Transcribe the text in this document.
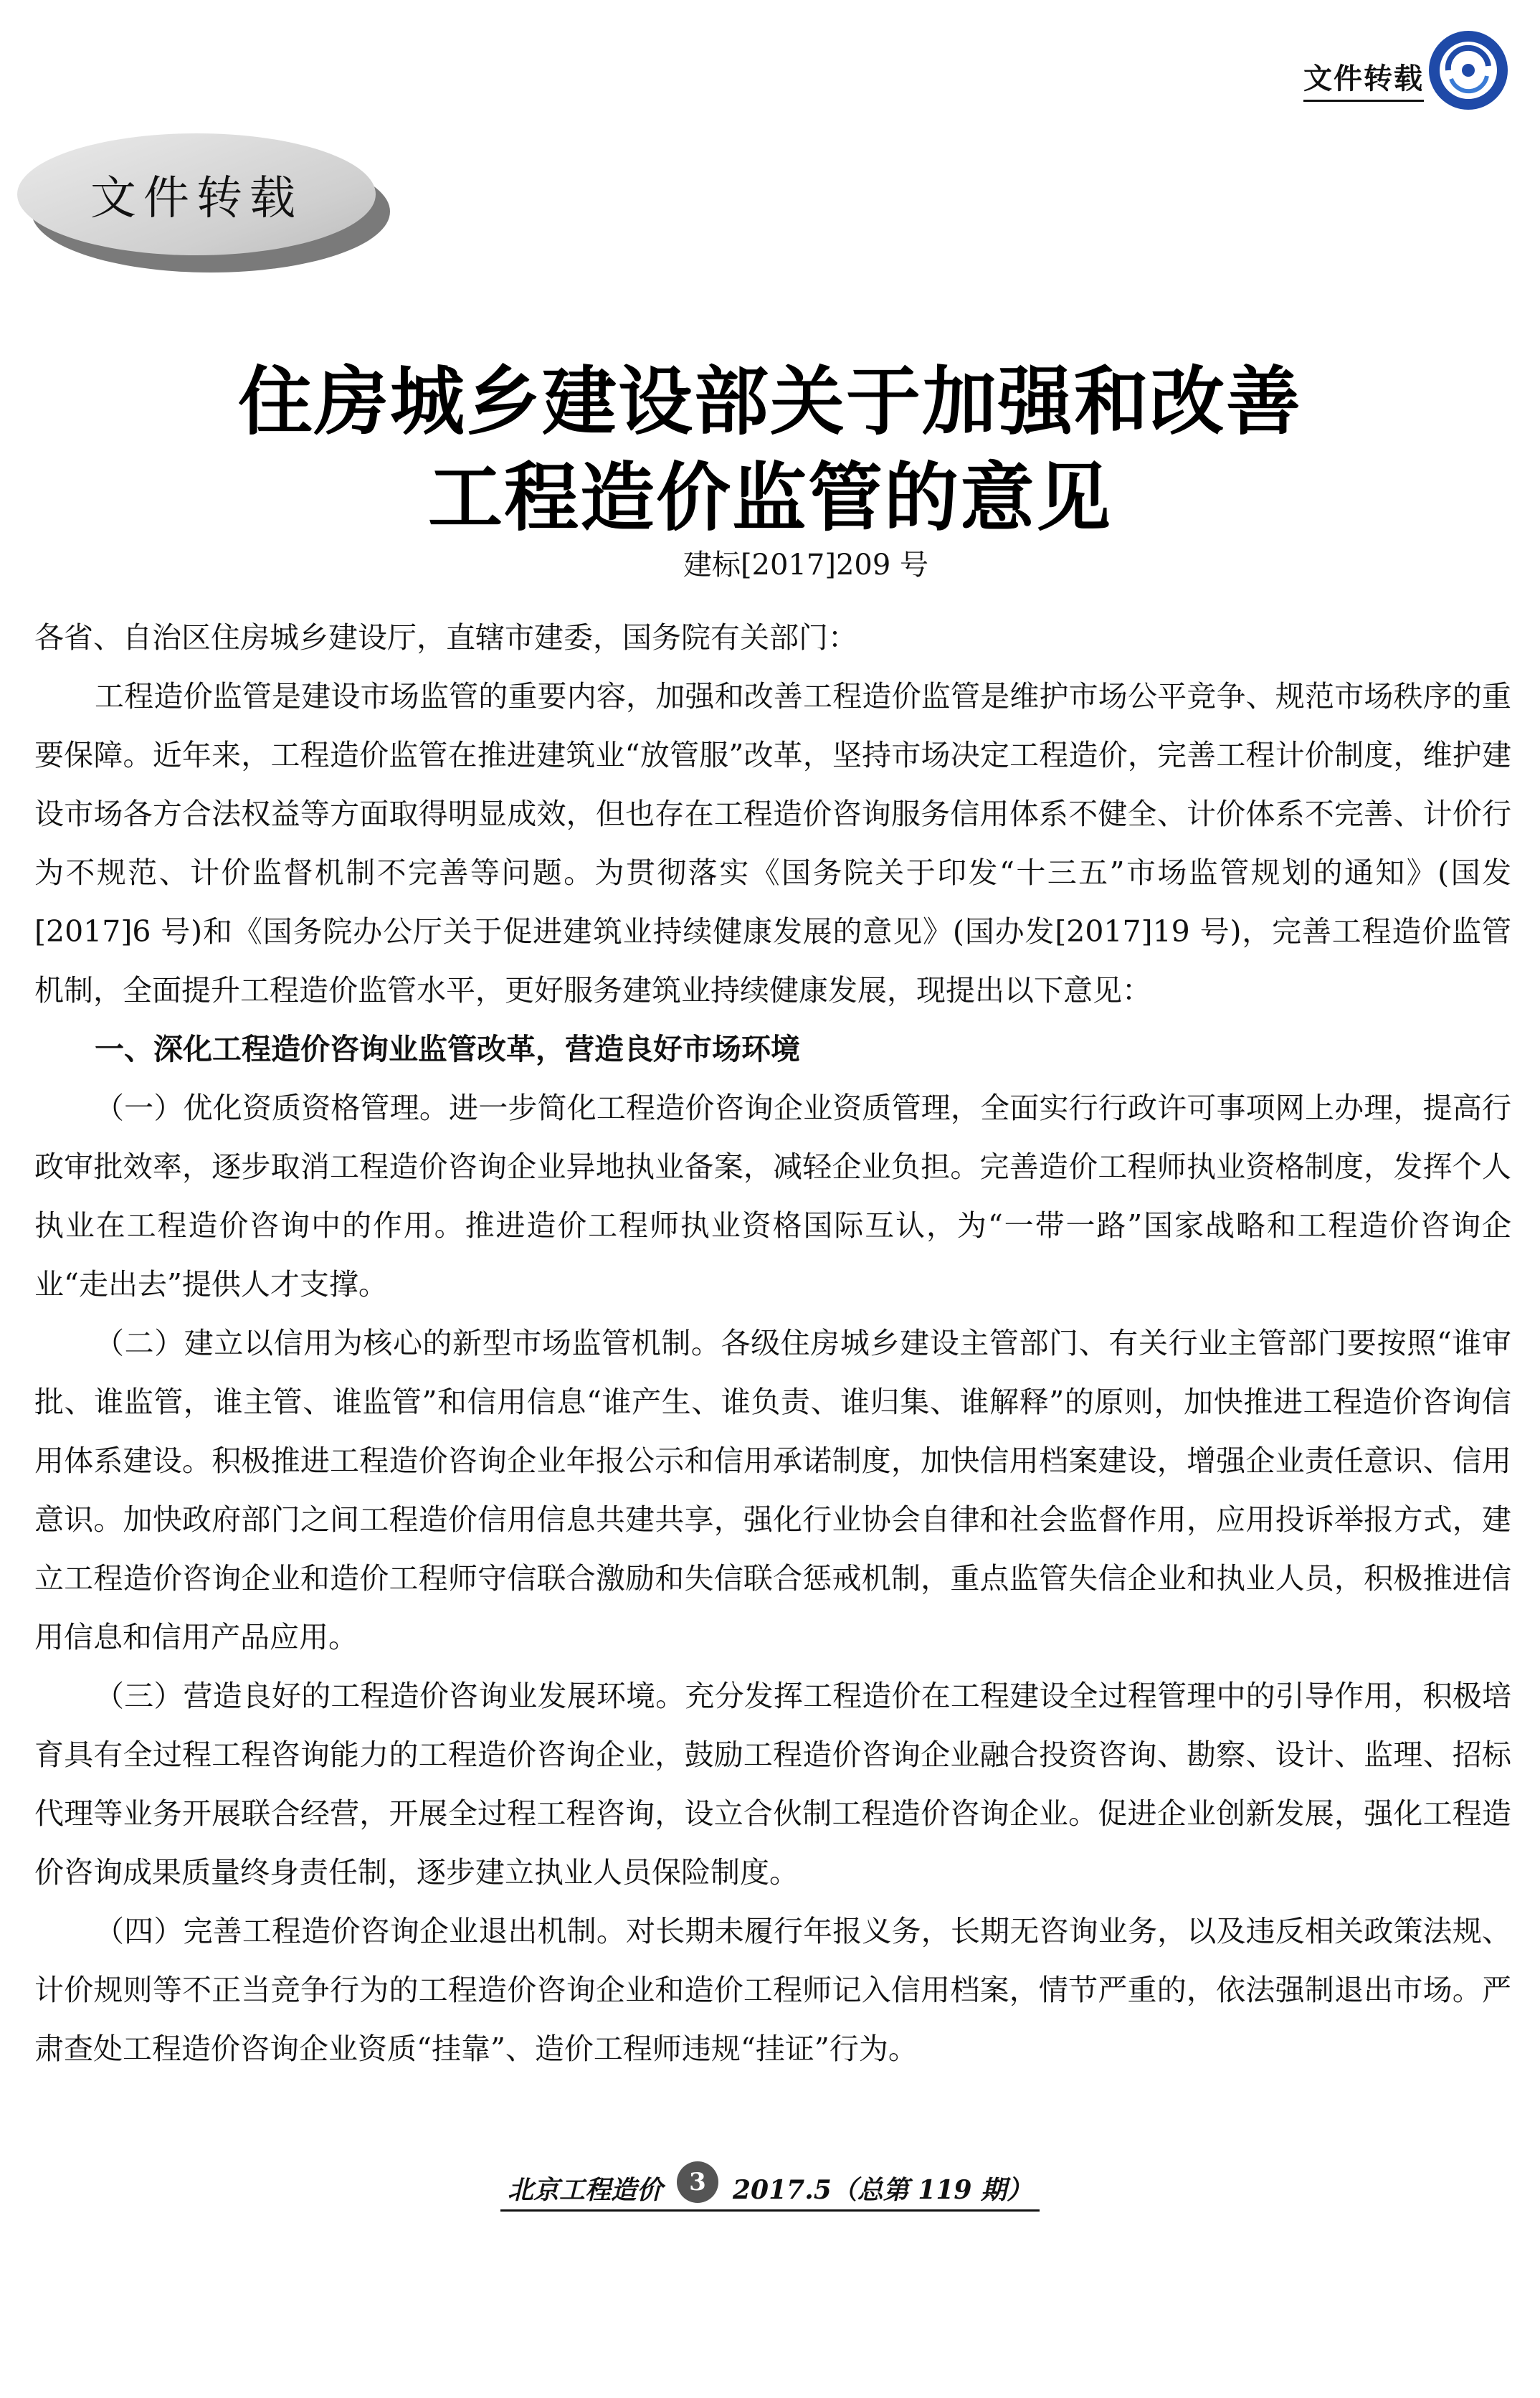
文件转载
文件转载
住房城乡建设部关于加强和改善
工程造价监管的意见
建标[2017]209 号

各省、自治区住房城乡建设厅，直辖市建委，国务院有关部门：

工程造价监管是建设市场监管的重要内容，加强和改善工程造价监管是维护市场公平竞争、规范市场秩序的重要保障。近年来，工程造价监管在推进建筑业“放管服”改革，坚持市场决定工程造价，完善工程计价制度，维护建设市场各方合法权益等方面取得明显成效，但也存在工程造价咨询服务信用体系不健全、计价体系不完善、计价行为不规范、计价监督机制不完善等问题。为贯彻落实《国务院关于印发“十三五”市场监管规划的通知》(国发[2017]6 号)和《国务院办公厅关于促进建筑业持续健康发展的意见》(国办发[2017]19 号)，完善工程造价监管机制，全面提升工程造价监管水平，更好服务建筑业持续健康发展，现提出以下意见：

一、深化工程造价咨询业监管改革，营造良好市场环境

（一）优化资质资格管理。进一步简化工程造价咨询企业资质管理，全面实行行政许可事项网上办理，提高行政审批效率，逐步取消工程造价咨询企业异地执业备案，减轻企业负担。完善造价工程师执业资格制度，发挥个人执业在工程造价咨询中的作用。推进造价工程师执业资格国际互认，为“一带一路”国家战略和工程造价咨询企业“走出去”提供人才支撑。

（二）建立以信用为核心的新型市场监管机制。各级住房城乡建设主管部门、有关行业主管部门要按照“谁审批、谁监管，谁主管、谁监管”和信用信息“谁产生、谁负责、谁归集、谁解释”的原则，加快推进工程造价咨询信用体系建设。积极推进工程造价咨询企业年报公示和信用承诺制度，加快信用档案建设，增强企业责任意识、信用意识。加快政府部门之间工程造价信用信息共建共享，强化行业协会自律和社会监督作用，应用投诉举报方式，建立工程造价咨询企业和造价工程师守信联合激励和失信联合惩戒机制，重点监管失信企业和执业人员，积极推进信用信息和信用产品应用。

（三）营造良好的工程造价咨询业发展环境。充分发挥工程造价在工程建设全过程管理中的引导作用，积极培育具有全过程工程咨询能力的工程造价咨询企业，鼓励工程造价咨询企业融合投资咨询、勘察、设计、监理、招标代理等业务开展联合经营，开展全过程工程咨询，设立合伙制工程造价咨询企业。促进企业创新发展，强化工程造价咨询成果质量终身责任制，逐步建立执业人员保险制度。

（四）完善工程造价咨询企业退出机制。对长期未履行年报义务，长期无咨询业务，以及违反相关政策法规、计价规则等不正当竞争行为的工程造价咨询企业和造价工程师记入信用档案，情节严重的，依法强制退出市场。严肃查处工程造价咨询企业资质“挂靠”、造价工程师违规“挂证”行为。

北京工程造价	3	2017.5（总第 119 期）
